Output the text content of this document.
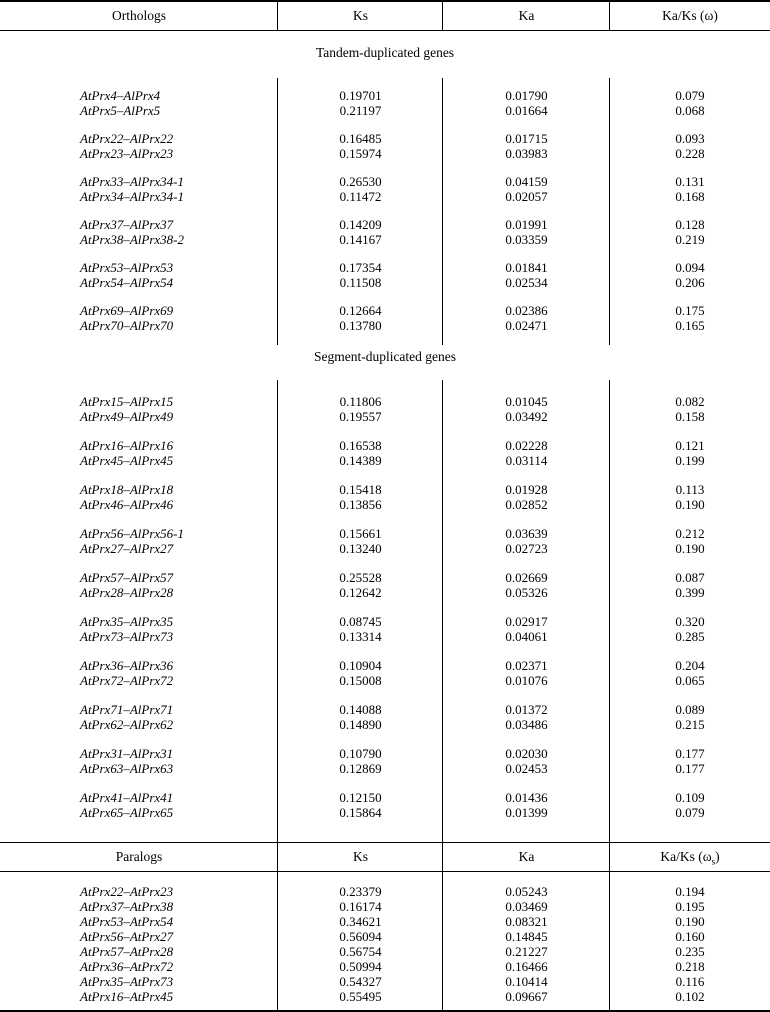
Orthologs	Ks	Ka	Ka/Ks (ω)
Tandem-duplicated genes
AtPrx4–AlPrx4	0.19701	0.01790	0.079
AtPrx5–AlPrx5	0.21197	0.01664	0.068
AtPrx22–AlPrx22	0.16485	0.01715	0.093
AtPrx23–AlPrx23	0.15974	0.03983	0.228
AtPrx33–AlPrx34-1	0.26530	0.04159	0.131
AtPrx34–AlPrx34-1	0.11472	0.02057	0.168
AtPrx37–AlPrx37	0.14209	0.01991	0.128
AtPrx38–AlPrx38-2	0.14167	0.03359	0.219
AtPrx53–AlPrx53	0.17354	0.01841	0.094
AtPrx54–AlPrx54	0.11508	0.02534	0.206
AtPrx69–AlPrx69	0.12664	0.02386	0.175
AtPrx70–AlPrx70	0.13780	0.02471	0.165
Segment-duplicated genes
AtPrx15–AlPrx15	0.11806	0.01045	0.082
AtPrx49–AlPrx49	0.19557	0.03492	0.158
AtPrx16–AlPrx16	0.16538	0.02228	0.121
AtPrx45–AlPrx45	0.14389	0.03114	0.199
AtPrx18–AlPrx18	0.15418	0.01928	0.113
AtPrx46–AlPrx46	0.13856	0.02852	0.190
AtPrx56–AlPrx56-1	0.15661	0.03639	0.212
AtPrx27–AlPrx27	0.13240	0.02723	0.190
AtPrx57–AlPrx57	0.25528	0.02669	0.087
AtPrx28–AlPrx28	0.12642	0.05326	0.399
AtPrx35–AlPrx35	0.08745	0.02917	0.320
AtPrx73–AlPrx73	0.13314	0.04061	0.285
AtPrx36–AlPrx36	0.10904	0.02371	0.204
AtPrx72–AlPrx72	0.15008	0.01076	0.065
AtPrx71–AlPrx71	0.14088	0.01372	0.089
AtPrx62–AlPrx62	0.14890	0.03486	0.215
AtPrx31–AlPrx31	0.10790	0.02030	0.177
AtPrx63–AlPrx63	0.12869	0.02453	0.177
AtPrx41–AlPrx41	0.12150	0.01436	0.109
AtPrx65–AlPrx65	0.15864	0.01399	0.079
Paralogs	Ks	Ka	Ka/Ks $(\omega_s)$
AtPrx22–AtPrx23	0.23379	0.05243	0.194
AtPrx37–AtPrx38	0.16174	0.03469	0.195
AtPrx53–AtPrx54	0.34621	0.08321	0.190
AtPrx56–AtPrx27	0.56094	0.14845	0.160
AtPrx57–AtPrx28	0.56754	0.21227	0.235
AtPrx36–AtPrx72	0.50994	0.16466	0.218
AtPrx35–AtPrx73	0.54327	0.10414	0.116
AtPrx16–AtPrx45	0.55495	0.09667	0.102
